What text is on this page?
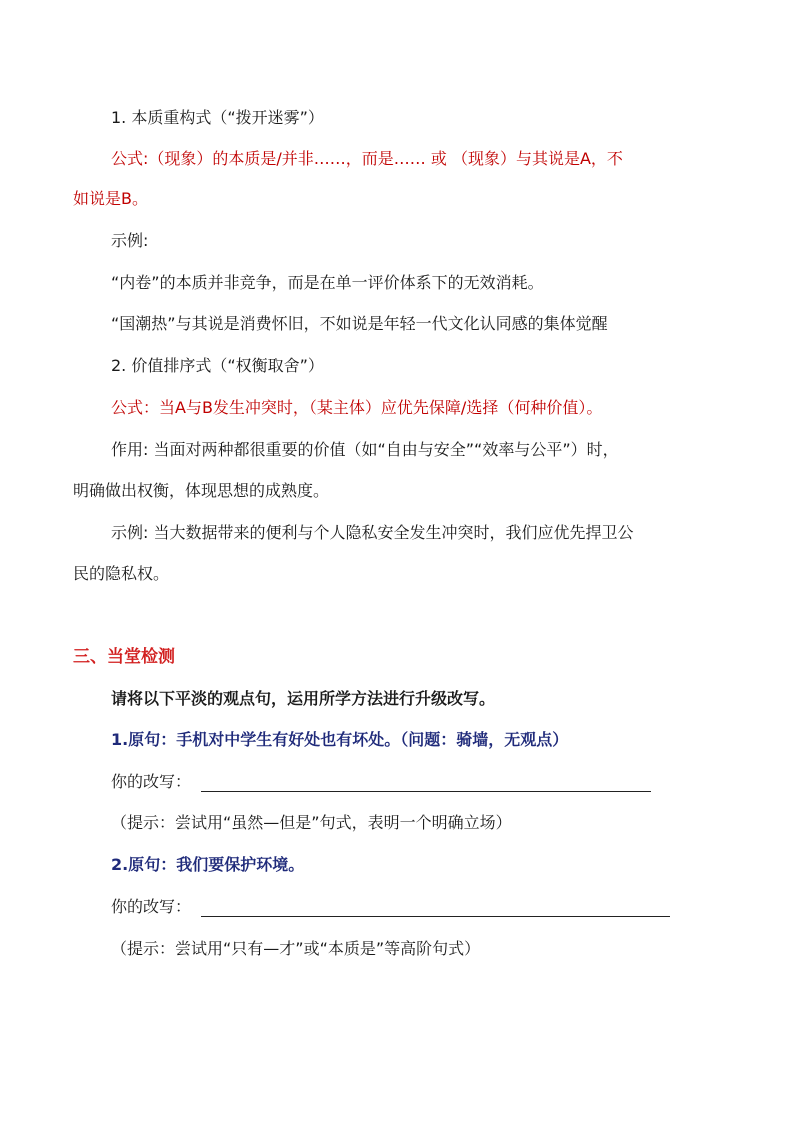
1. 本质重构式（“拨开迷雾”）
公式:（现象）的本质是/并非……，而是…… 或 （现象）与其说是A，不
如说是B。
示例:
“内卷”的本质并非竞争，而是在单一评价体系下的无效消耗。
“国潮热”与其说是消费怀旧，不如说是年轻一代文化认同感的集体觉醒
2. 价值排序式（“权衡取舍”）
公式：当A与B发生冲突时，（某主体）应优先保障/选择（何种价值）。
作用: 当面对两种都很重要的价值（如“自由与安全”“效率与公平”）时，
明确做出权衡，体现思想的成熟度。
示例: 当大数据带来的便利与个人隐私安全发生冲突时，我们应优先捍卫公
民的隐私权。
三、当堂检测
请将以下平淡的观点句，运用所学方法进行升级改写。
1.原句：手机对中学生有好处也有坏处。（问题：骑墙，无观点）
你的改写：
（提示：尝试用“虽然—但是”句式，表明一个明确立场）
2.原句：我们要保护环境。
你的改写：
（提示：尝试用“只有—才”或“本质是”等高阶句式）
